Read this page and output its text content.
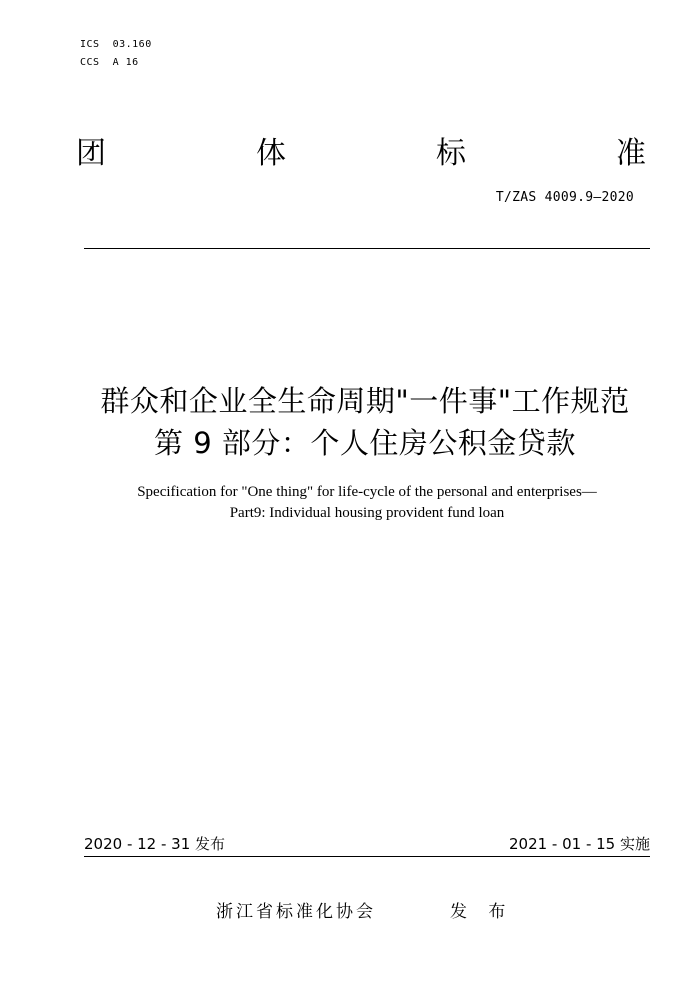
ICS  03.160
CCS  A 16
团	体	标	准
T/ZAS 4009.9—2020
群众和企业全生命周期"一件事"工作规范
第 9 部分：个人住房公积金贷款
Specification for "One thing" for life-cycle of the personal and enterprises—
Part9: Individual housing provident fund loan
2020 - 12 - 31 发布	2021 - 01 - 15 实施
浙江省标准化协会	发 布
